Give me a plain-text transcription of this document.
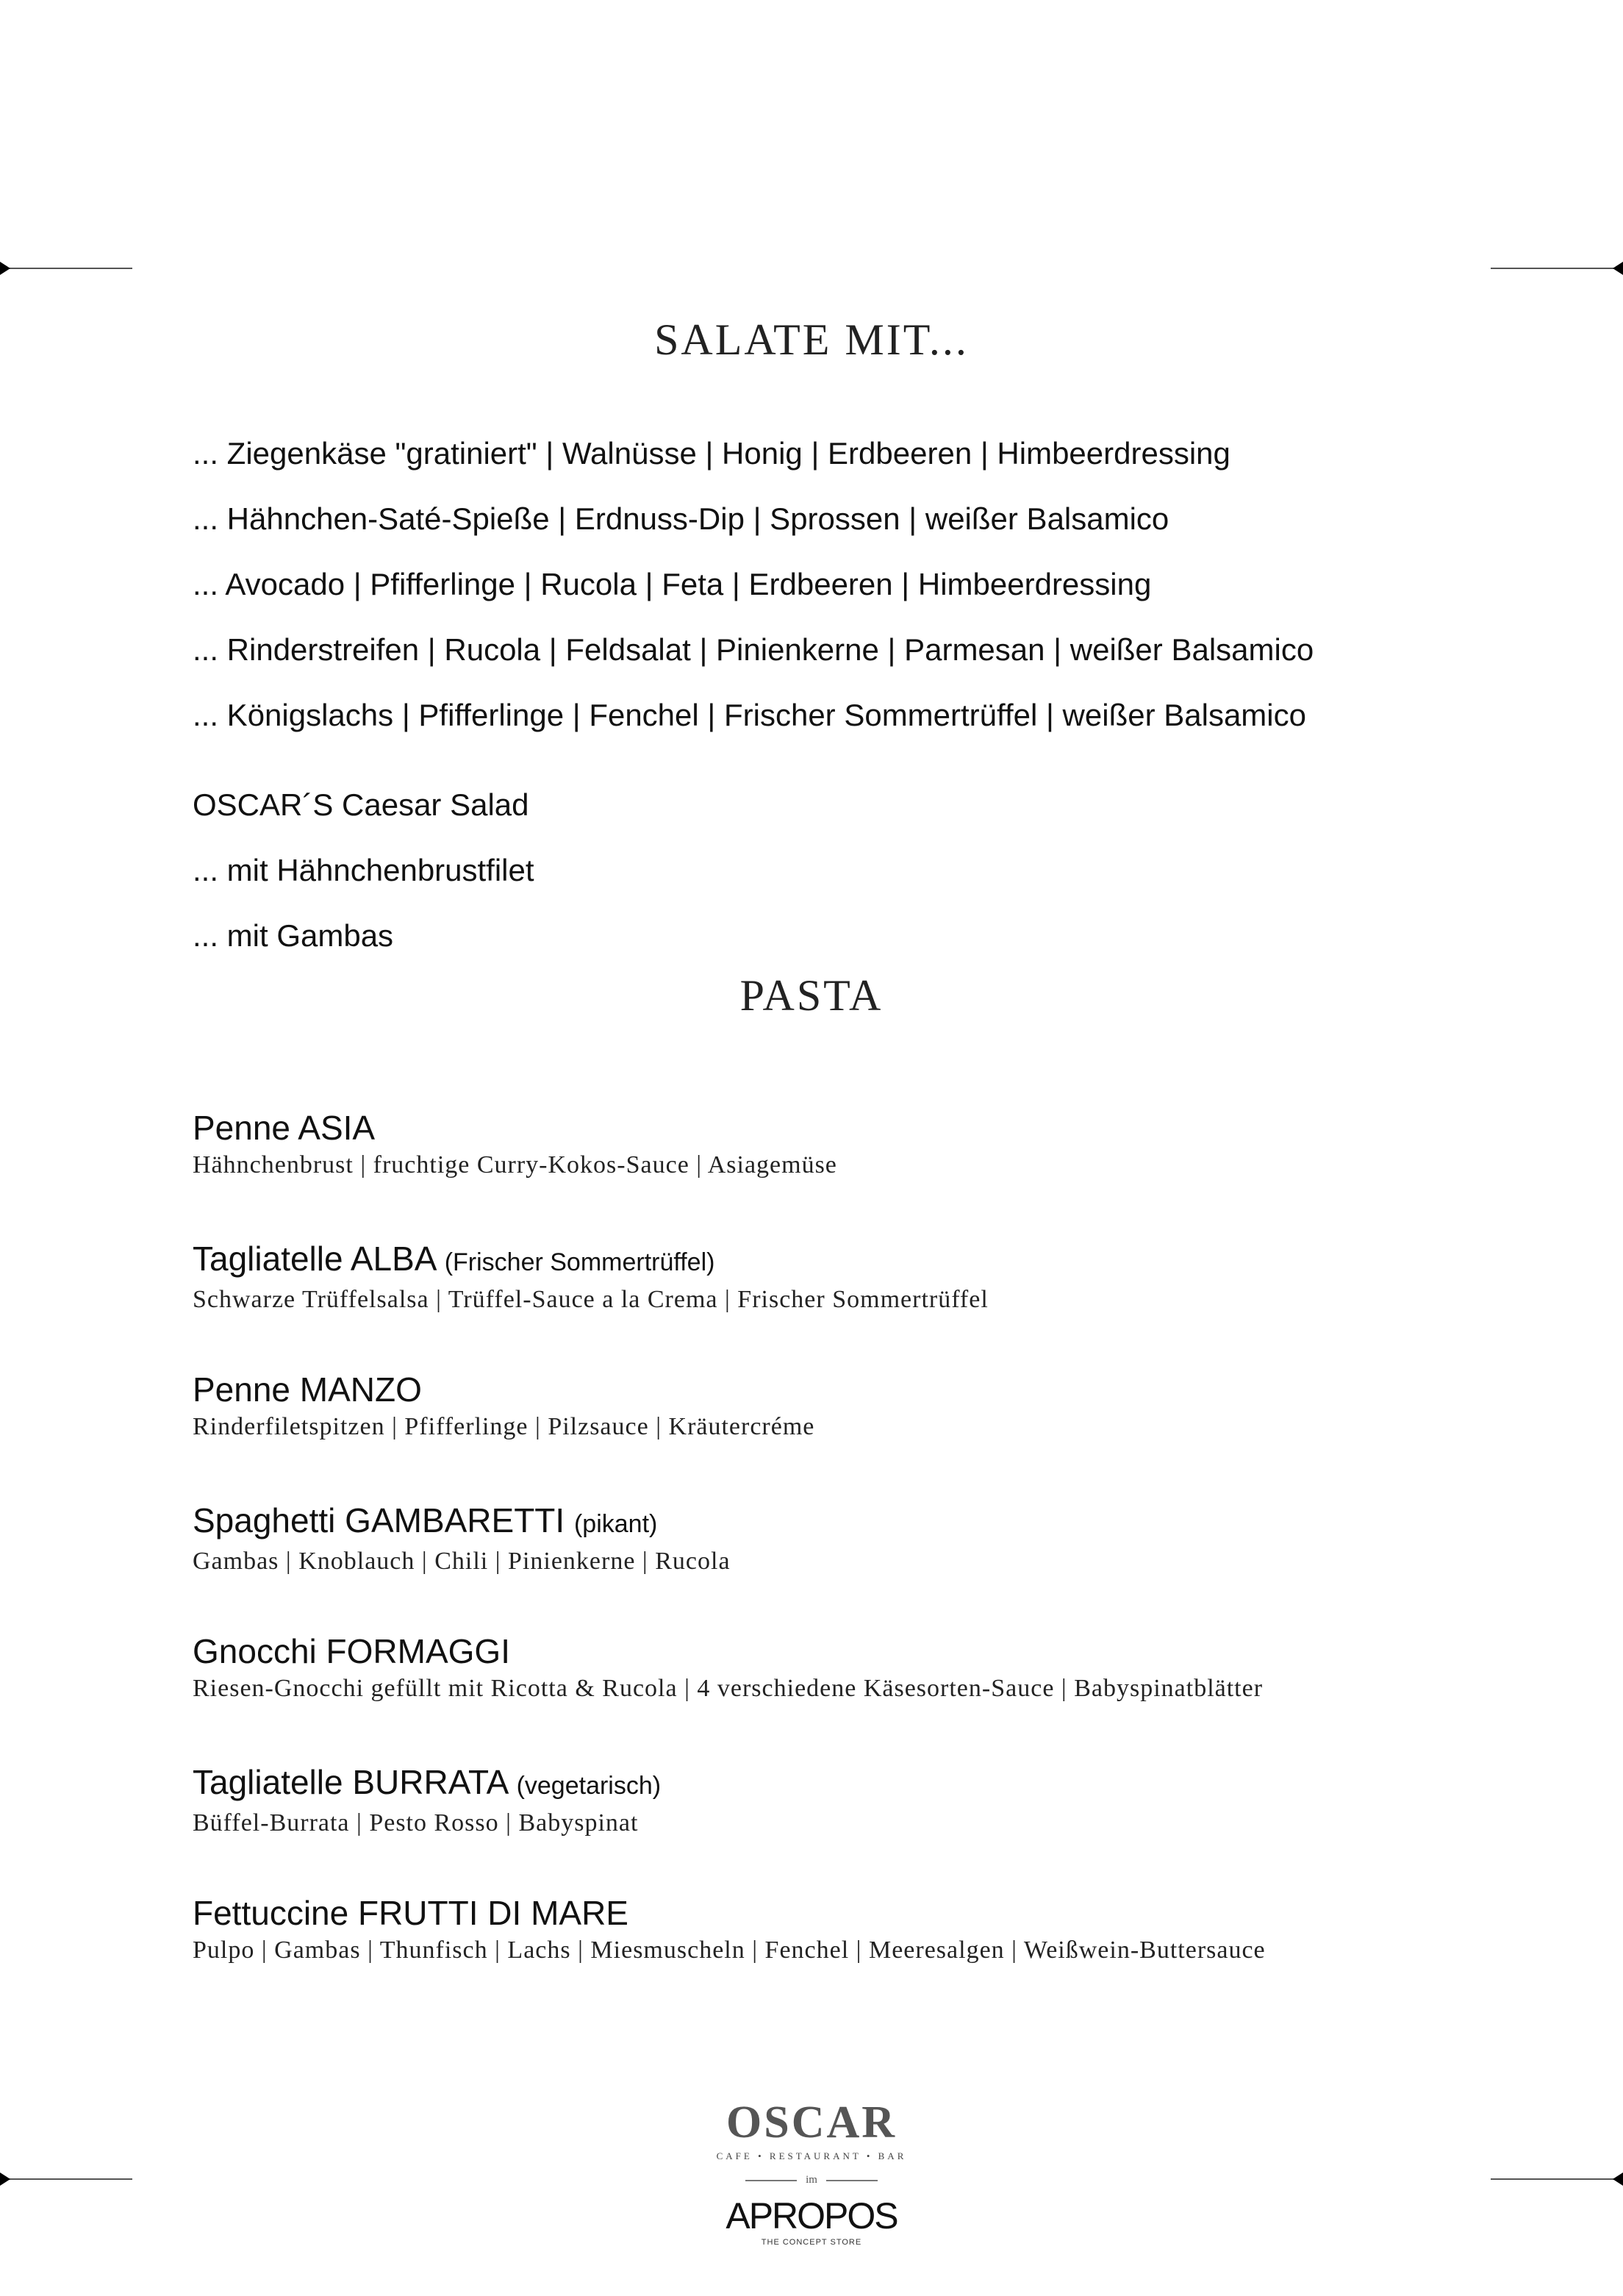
SALATE MIT...
... Ziegenkäse "gratiniert" | Walnüsse | Honig | Erdbeeren | Himbeerdressing
... Hähnchen-Saté-Spieße | Erdnuss-Dip | Sprossen | weißer Balsamico
... Avocado | Pfifferlinge | Rucola | Feta | Erdbeeren | Himbeerdressing
... Rinderstreifen | Rucola | Feldsalat | Pinienkerne | Parmesan | weißer Balsamico
... Königslachs | Pfifferlinge | Fenchel | Frischer Sommertrüffel | weißer Balsamico
OSCAR´S Caesar Salad
... mit Hähnchenbrustfilet
... mit Gambas
PASTA
Penne ASIA
Hähnchenbrust | fruchtige Curry-Kokos-Sauce | Asiagemüse
Tagliatelle ALBA (Frischer Sommertrüffel)
Schwarze Trüffelsalsa | Trüffel-Sauce a la Crema | Frischer Sommertrüffel
Penne MANZO
Rinderfiletspitzen | Pfifferlinge | Pilzsauce | Kräutercréme
Spaghetti GAMBARETTI (pikant)
Gambas | Knoblauch | Chili | Pinienkerne | Rucola
Gnocchi FORMAGGI
Riesen-Gnocchi gefüllt mit Ricotta & Rucola | 4 verschiedene Käsesorten-Sauce | Babyspinatblätter
Tagliatelle BURRATA (vegetarisch)
Büffel-Burrata | Pesto Rosso | Babyspinat
Fettuccine FRUTTI DI MARE
Pulpo | Gambas | Thunfisch | Lachs | Miesmuscheln | Fenchel | Meeresalgen | Weißwein-Buttersauce
OSCAR
CAFE • RESTAURANT • BAR
im
APROPOS
THE CONCEPT STORE
